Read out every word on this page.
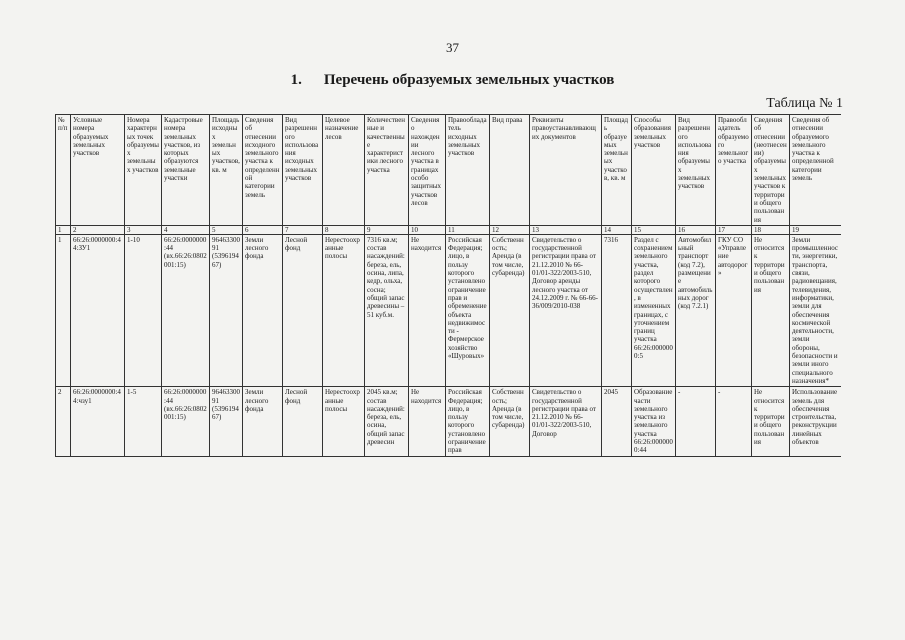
37
1. Перечень образуемых земельных участков
Таблица № 1
№ п/п	Условные номера образуемых земельных участков	Номера характерных точек образуемых земельных участков	Кадастровые номера земельных участков, из которых образуются земельные участки	Площадь исходных земельных участков, кв. м	Сведения об отнесении исходного земельного участка к определенной категории земель	Вид разрешенного использования исходных земельных участков	Целевое назначение лесов	Количественные и качественные характеристики лесного участка	Сведения о нахождении лесного участка в границах особо защитных участков лесов	Правообладатель исходных земельных участков	Вид права	Реквизиты правоустанавливающих документов	Площадь образуемых земельных участков, кв. м	Способы образования земельных участков	Вид разрешенного использования образуемых земельных участков	Правообладатель образуемого земельного участка	Сведения об отнесении (неотнесении) образуемых земельных участков к территории общего пользования	Сведения об отнесении образуемого земельного участка к определенной категории земель
1	2	3	4	5	6	7	8	9	10	11	12	13	14	15	16	17	18	19
1	66:26:0000000:44:ЗУ1	1-10	66:26:0000000:44 (вх.66:26:0802001:15)	9646330091 (539619467)	Земли лесного фонда	Лесной фонд	Нерестоохранные полосы	7316 кв.м; состав насаждений: береза, ель, осина, липа, кедр, ольха, сосна; общий запас древесины – 51 куб.м.	Не находится	Российская Федерация; лицо, в пользу которого установлено ограничение прав и обременение объекта недвижимости - Фермерское хозяйство «Шуровых»	Собственность; Аренда (в том числе, субаренда)	Свидетельство о государственной регистрации права от 21.12.2010 № 66-01/01-322/2003-510, Договор аренды лесного участка от 24.12.2009 г. № 66-66-36/009/2010-038	7316	Раздел с сохранением земельного участка, раздел которого осуществлен, в измененных границах, с уточнением границ участка 66:26:0000000:5	Автомобильный транспорт (код 7.2), размещение автомобильных дорог (код 7.2.1)	ГКУ СО «Управление автодорог»	Не относится к территории общего пользования	Земли промышленности, энергетики, транспорта, связи, радиовещания, телевидения, информатики, земли для обеспечения космической деятельности, земли обороны, безопасности и земли иного специального назначения*
2	66:26:0000000:44:чзу1	1-5	66:26:0000000:44 (вх.66:26:0802001:15)	9646330091 (539619467)	Земли лесного фонда	Лесной фонд	Нерестоохранные полосы	2045 кв.м; состав насаждений: береза, ель, осина, общий запас древесин	Не находится	Российская Федерация; лицо, в пользу которого установлено ограничение прав	Собственность; Аренда (в том числе, субаренда)	Свидетельство о государственной регистрации права от 21.12.2010 № 66-01/01-322/2003-510, Договор	2045	Образование части земельного участка из земельного участка 66:26:0000000:44	-	-	Не относится к территории общего пользования	Использование земель для обеспечения строительства, реконструкции линейных объектов
